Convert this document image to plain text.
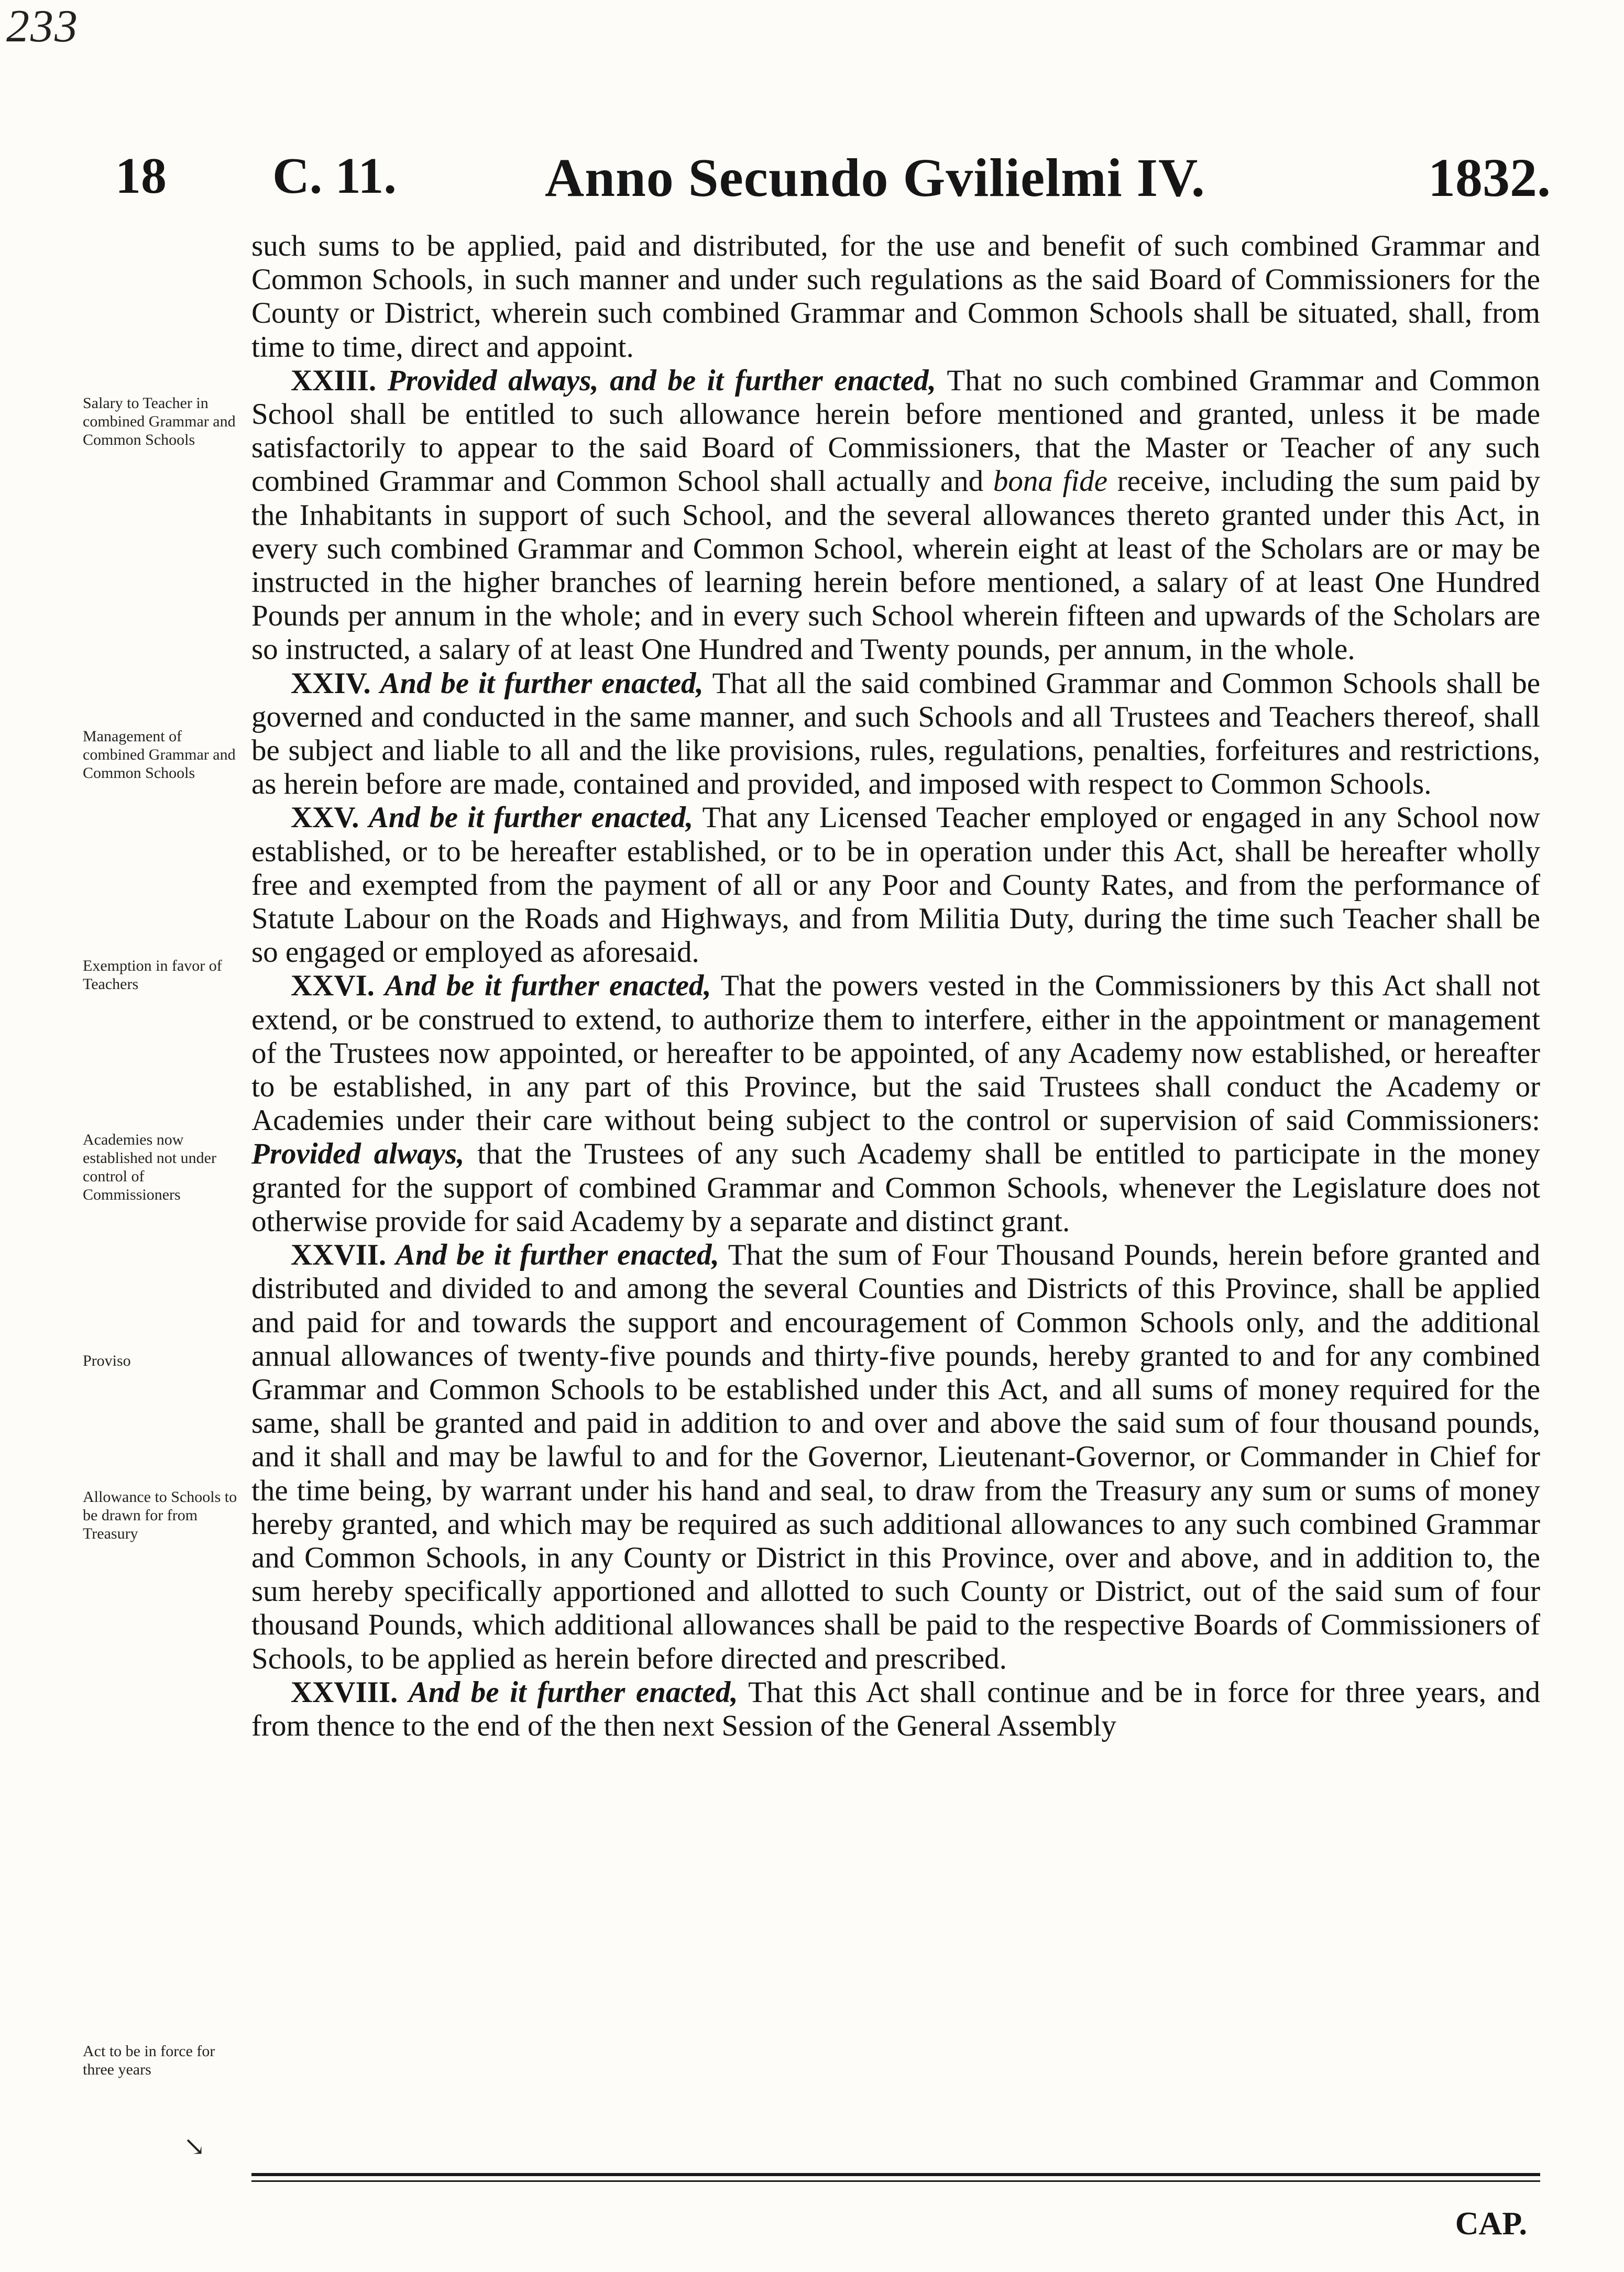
233
18 C. 11.	Anno Secundo Gvilielmi IV.	1832.
Salary to Teacher in combined Grammar and Common Schools
Management of combined Grammar and Common Schools
Exemption in favor of Teachers
Academies now established not under control of Commissioners
Proviso
Allowance to Schools to be drawn for from Treasury
Act to be in force for three years

such sums to be applied, paid and distributed, for the use and benefit of such combined Grammar and Common Schools, in such manner and under such regulations as the said Board of Commissioners for the County or District, wherein such combined Grammar and Common Schools shall be situated, shall, from time to time, direct and appoint.

XXIII. Provided always, and be it further enacted, That no such combined Grammar and Common School shall be entitled to such allowance herein before mentioned and granted, unless it be made satisfactorily to appear to the said Board of Commissioners, that the Master or Teacher of any such combined Grammar and Common School shall actually and bona fide receive, including the sum paid by the Inhabitants in support of such School, and the several allowances thereto granted under this Act, in every such combined Grammar and Common School, wherein eight at least of the Scholars are or may be instructed in the higher branches of learning herein before mentioned, a salary of at least One Hundred Pounds per annum in the whole; and in every such School wherein fifteen and upwards of the Scholars are so instructed, a salary of at least One Hundred and Twenty pounds, per annum, in the whole.

XXIV. And be it further enacted, That all the said combined Grammar and Common Schools shall be governed and conducted in the same manner, and such Schools and all Trustees and Teachers thereof, shall be subject and liable to all and the like provisions, rules, regulations, penalties, forfeitures and restrictions, as herein before are made, contained and provided, and imposed with respect to Common Schools.

XXV. And be it further enacted, That any Licensed Teacher employed or engaged in any School now established, or to be hereafter established, or to be in operation under this Act, shall be hereafter wholly free and exempted from the payment of all or any Poor and County Rates, and from the performance of Statute Labour on the Roads and Highways, and from Militia Duty, during the time such Teacher shall be so engaged or employed as aforesaid.

XXVI. And be it further enacted, That the powers vested in the Commissioners by this Act shall not extend, or be construed to extend, to authorize them to interfere, either in the appointment or management of the Trustees now appointed, or hereafter to be appointed, of any Academy now established, or hereafter to be established, in any part of this Province, but the said Trustees shall conduct the Academy or Academies under their care without being subject to the control or supervision of said Commissioners: Provided always, that the Trustees of any such Academy shall be entitled to participate in the money granted for the support of combined Grammar and Common Schools, whenever the Legislature does not otherwise provide for said Academy by a separate and distinct grant.

XXVII. And be it further enacted, That the sum of Four Thousand Pounds, herein before granted and distributed and divided to and among the several Counties and Districts of this Province, shall be applied and paid for and towards the support and encouragement of Common Schools only, and the additional annual allowances of twenty-five pounds and thirty-five pounds, hereby granted to and for any combined Grammar and Common Schools to be established under this Act, and all sums of money required for the same, shall be granted and paid in addition to and over and above the said sum of four thousand pounds, and it shall and may be lawful to and for the Governor, Lieutenant-Governor, or Commander in Chief for the time being, by warrant under his hand and seal, to draw from the Treasury any sum or sums of money hereby granted, and which may be required as such additional allowances to any such combined Grammar and Common Schools, in any County or District in this Province, over and above, and in addition to, the sum hereby specifically apportioned and allotted to such County or District, out of the said sum of four thousand Pounds, which additional allowances shall be paid to the respective Boards of Commissioners of Schools, to be applied as herein before directed and prescribed.

XXVIII. And be it further enacted, That this Act shall continue and be in force for three years, and from thence to the end of the then next Session of the General Assembly

↘
CAP.
